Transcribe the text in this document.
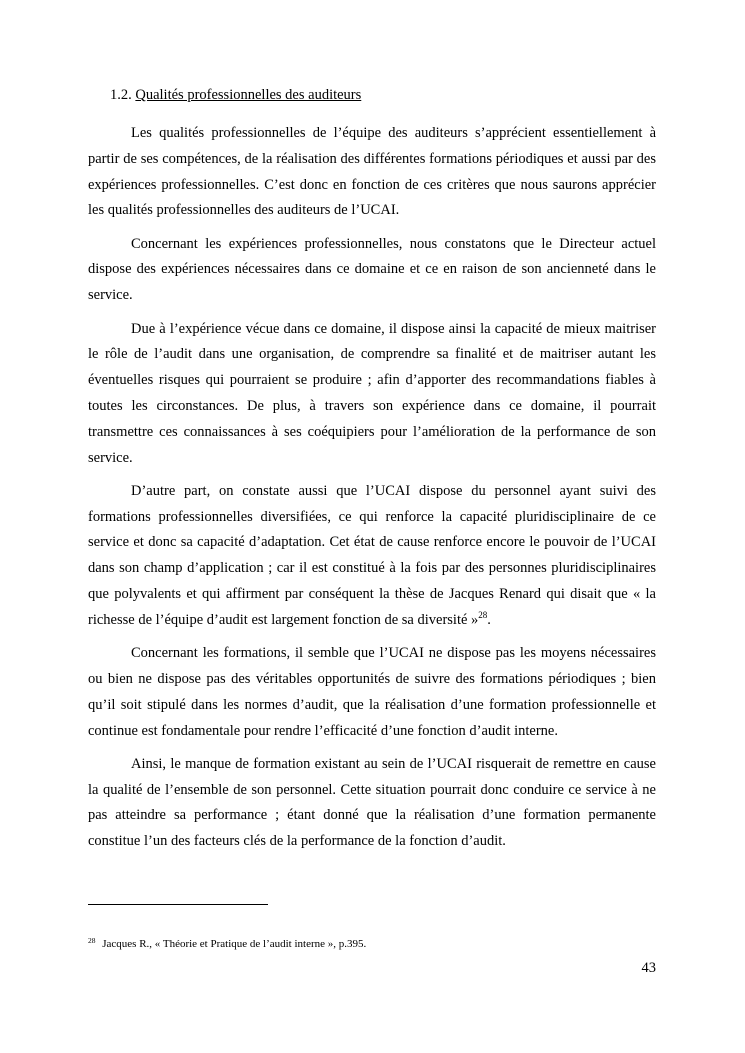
1.2. Qualités professionnelles des auditeurs

Les qualités professionnelles de l’équipe des auditeurs s’apprécient essentiellement à partir de ses compétences, de la réalisation des différentes formations périodiques et aussi par des expériences professionnelles. C’est donc en fonction de ces critères que nous saurons apprécier les qualités professionnelles des auditeurs de l’UCAI.

Concernant les expériences professionnelles, nous constatons que le Directeur actuel dispose des expériences nécessaires dans ce domaine et ce en raison de son ancienneté dans le service.

Due à l’expérience vécue dans ce domaine, il dispose ainsi la capacité de mieux maitriser le rôle de l’audit dans une organisation, de comprendre sa finalité et de maitriser autant les éventuelles risques qui pourraient se produire ; afin d’apporter des recommandations fiables à toutes les circonstances. De plus, à travers son expérience dans ce domaine, il pourrait transmettre ces connaissances à ses coéquipiers pour l’amélioration de la performance de son service.

D’autre part, on constate aussi que l’UCAI dispose du personnel ayant suivi des formations professionnelles diversifiées, ce qui renforce la capacité pluridisciplinaire de ce service et donc sa capacité d’adaptation. Cet état de cause renforce encore le pouvoir de l’UCAI dans son champ d’application ; car il est constitué à la fois par des personnes pluridisciplinaires que polyvalents et qui affirment par conséquent la thèse de Jacques Renard qui disait que « la richesse de l’équipe d’audit est largement fonction de sa diversité »$^{28}$.

Concernant les formations, il semble que l’UCAI ne dispose pas les moyens nécessaires ou bien ne dispose pas des véritables opportunités de suivre des formations périodiques ; bien qu’il soit stipulé dans les normes d’audit, que la réalisation d’une formation professionnelle et continue est fondamentale pour rendre l’efficacité d’une fonction d’audit interne.

Ainsi, le manque de formation existant au sein de l’UCAI risquerait de remettre en cause la qualité de l’ensemble de son personnel. Cette situation pourrait donc conduire ce service à ne pas atteindre sa performance ; étant donné que la réalisation d’une formation permanente constitue l’un des facteurs clés de la performance de la fonction d’audit.

$^{28}$ Jacques R., « Théorie et Pratique de l’audit interne », p.395.
43
